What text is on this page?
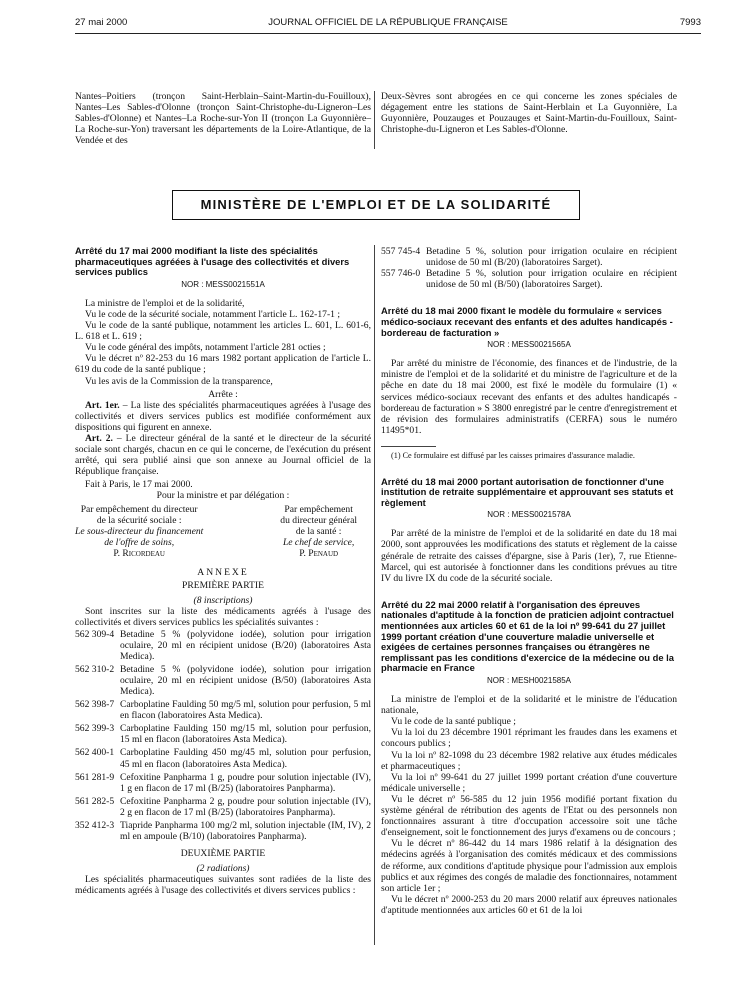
27 mai 2000	JOURNAL OFFICIEL DE LA RÉPUBLIQUE FRANÇAISE	7993

Nantes–Poitiers (tronçon Saint-Herblain–Saint-Martin-du-Fouilloux), Nantes–Les Sables-d'Olonne (tronçon Saint-Christophe-du-Ligneron–Les Sables-d'Olonne) et Nantes–La Roche-sur-Yon II (tronçon La Guyonnière–La Roche-sur-Yon) traversant les départements de la Loire-Atlantique, de la Vendée et des

Deux-Sèvres sont abrogées en ce qui concerne les zones spéciales de dégagement entre les stations de Saint-Herblain et La Guyonnière, La Guyonnière, Pouzauges et Pouzauges et Saint-Martin-du-Fouilloux, Saint-Christophe-du-Ligneron et Les Sables-d'Olonne.

MINISTÈRE DE L'EMPLOI ET DE LA SOLIDARITÉ
Arrêté du 17 mai 2000 modifiant la liste des spécialités pharmaceutiques agréées à l'usage des collectivités et divers services publics
NOR : MESS0021551A

La ministre de l'emploi et de la solidarité,

Vu le code de la sécurité sociale, notamment l'article L. 162-17-1 ;

Vu le code de la santé publique, notamment les articles L. 601, L. 601-6, L. 618 et L. 619 ;

Vu le code général des impôts, notamment l'article 281 octies ;

Vu le décret nº 82-253 du 16 mars 1982 portant application de l'article L. 619 du code de la santé publique ;

Vu les avis de la Commission de la transparence,

Arrête :

Art. 1er. – La liste des spécialités pharmaceutiques agréées à l'usage des collectivités et divers services publics est modifiée conformément aux dispositions qui figurent en annexe.

Art. 2. – Le directeur général de la santé et le directeur de la sécurité sociale sont chargés, chacun en ce qui le concerne, de l'exécution du présent arrêté, qui sera publié ainsi que son annexe au Journal officiel de la République française.

Fait à Paris, le 17 mai 2000.

Pour la ministre et par délégation :

Par empêchement du directeur
de la sécurité sociale :
Le sous-directeur du financement
de l'offre de soins,
P. Ricordeau
Par empêchement
du directeur général
de la santé :
Le chef de service,
P. Penaud

ANNEXE

PREMIÈRE PARTIE

(8 inscriptions)

Sont inscrites sur la liste des médicaments agréés à l'usage des collectivités et divers services publics les spécialités suivantes :

562 309-4 Betadine 5 % (polyvidone iodée), solution pour irrigation oculaire, 20 ml en récipient unidose (B/20) (laboratoires Asta Medica).
562 310-2 Betadine 5 % (polyvidone iodée), solution pour irrigation oculaire, 20 ml en récipient unidose (B/50) (laboratoires Asta Medica).
562 398-7 Carboplatine Faulding 50 mg/5 ml, solution pour perfusion, 5 ml en flacon (laboratoires Asta Medica).
562 399-3 Carboplatine Faulding 150 mg/15 ml, solution pour perfusion, 15 ml en flacon (laboratoires Asta Medica).
562 400-1 Carboplatine Faulding 450 mg/45 ml, solution pour perfusion, 45 ml en flacon (laboratoires Asta Medica).
561 281-9 Cefoxitine Panpharma 1 g, poudre pour solution injectable (IV), 1 g en flacon de 17 ml (B/25) (laboratoires Panpharma).
561 282-5 Cefoxitine Panpharma 2 g, poudre pour solution injectable (IV), 2 g en flacon de 17 ml (B/25) (laboratoires Panpharma).
352 412-3 Tiapride Panpharma 100 mg/2 ml, solution injectable (IM, IV), 2 ml en ampoule (B/10) (laboratoires Panpharma).

DEUXIÈME PARTIE

(2 radiations)

Les spécialités pharmaceutiques suivantes sont radiées de la liste des médicaments agréés à l'usage des collectivités et divers services publics :

557 745-4 Betadine 5 %, solution pour irrigation oculaire en récipient unidose de 50 ml (B/20) (laboratoires Sarget).
557 746-0 Betadine 5 %, solution pour irrigation oculaire en récipient unidose de 50 ml (B/50) (laboratoires Sarget).
Arrêté du 18 mai 2000 fixant le modèle du formulaire « services médico-sociaux recevant des enfants et des adultes handicapés - bordereau de facturation »
NOR : MESS0021565A

Par arrêté du ministre de l'économie, des finances et de l'industrie, de la ministre de l'emploi et de la solidarité et du ministre de l'agriculture et de la pêche en date du 18 mai 2000, est fixé le modèle du formulaire (1) « services médico-sociaux recevant des enfants et des adultes handicapés - bordereau de facturation » S 3800 enregistré par le centre d'enregistrement et de révision des formulaires administratifs (CERFA) sous le numéro 11495*01.

(1) Ce formulaire est diffusé par les caisses primaires d'assurance maladie.

Arrêté du 18 mai 2000 portant autorisation de fonctionner d'une institution de retraite supplémentaire et approuvant ses statuts et règlement
NOR : MESS0021578A

Par arrêté de la ministre de l'emploi et de la solidarité en date du 18 mai 2000, sont approuvées les modifications des statuts et règlement de la caisse générale de retraite des caisses d'épargne, sise à Paris (1er), 7, rue Etienne-Marcel, qui est autorisée à fonctionner dans les conditions prévues au titre IV du livre IX du code de la sécurité sociale.

Arrêté du 22 mai 2000 relatif à l'organisation des épreuves nationales d'aptitude à la fonction de praticien adjoint contractuel mentionnées aux articles 60 et 61 de la loi nº 99-641 du 27 juillet 1999 portant création d'une couverture maladie universelle et exigées de certaines personnes françaises ou étrangères ne remplissant pas les conditions d'exercice de la médecine ou de la pharmacie en France
NOR : MESH0021585A

La ministre de l'emploi et de la solidarité et le ministre de l'éducation nationale,

Vu le code de la santé publique ;

Vu la loi du 23 décembre 1901 réprimant les fraudes dans les examens et concours publics ;

Vu la loi nº 82-1098 du 23 décembre 1982 relative aux études médicales et pharmaceutiques ;

Vu la loi nº 99-641 du 27 juillet 1999 portant création d'une couverture médicale universelle ;

Vu le décret nº 56-585 du 12 juin 1956 modifié portant fixation du système général de rétribution des agents de l'Etat ou des personnels non fonctionnaires assurant à titre d'occupation accessoire soit une tâche d'enseignement, soit le fonctionnement des jurys d'examens ou de concours ;

Vu le décret nº 86-442 du 14 mars 1986 relatif à la désignation des médecins agréés à l'organisation des comités médicaux et des commissions de réforme, aux conditions d'aptitude physique pour l'admission aux emplois publics et aux régimes des congés de maladie des fonctionnaires, notamment son article 1er ;

Vu le décret nº 2000-253 du 20 mars 2000 relatif aux épreuves nationales d'aptitude mentionnées aux articles 60 et 61 de la loi
